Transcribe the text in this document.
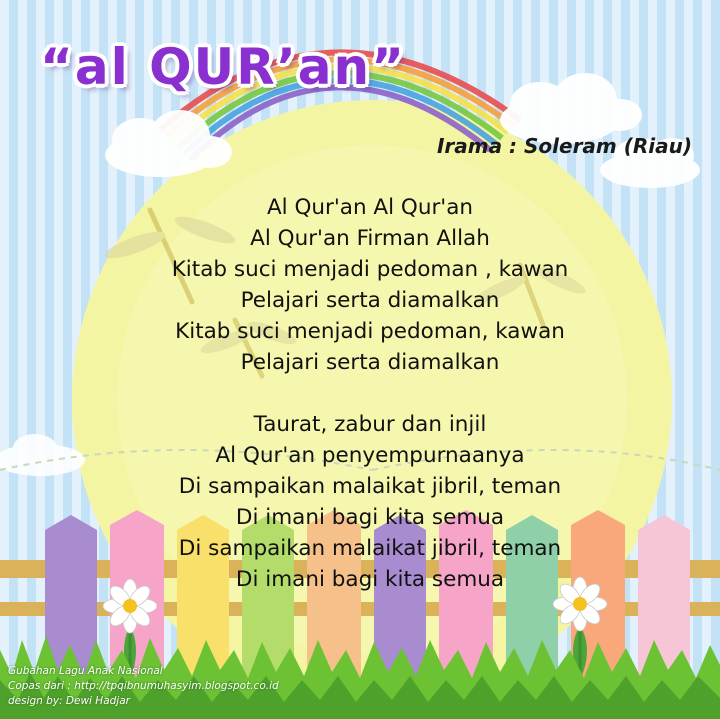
“al QUR’an”
Irama : Soleram (Riau)
Al Qur'an Al Qur'an
Al Qur'an Firman Allah
Kitab suci menjadi pedoman , kawan
Pelajari serta diamalkan
Kitab suci menjadi pedoman, kawan
Pelajari serta diamalkan
Taurat, zabur dan injil
Al Qur'an penyempurnaanya
Di sampaikan malaikat jibril, teman
Di imani bagi kita semua
Di sampaikan malaikat jibril, teman
Di imani bagi kita semua
Gubahan Lagu Anak Nasional
Copas dari : http://tpqibnumuhasyim.blogspot.co.id
design by: Dewi Hadjar
